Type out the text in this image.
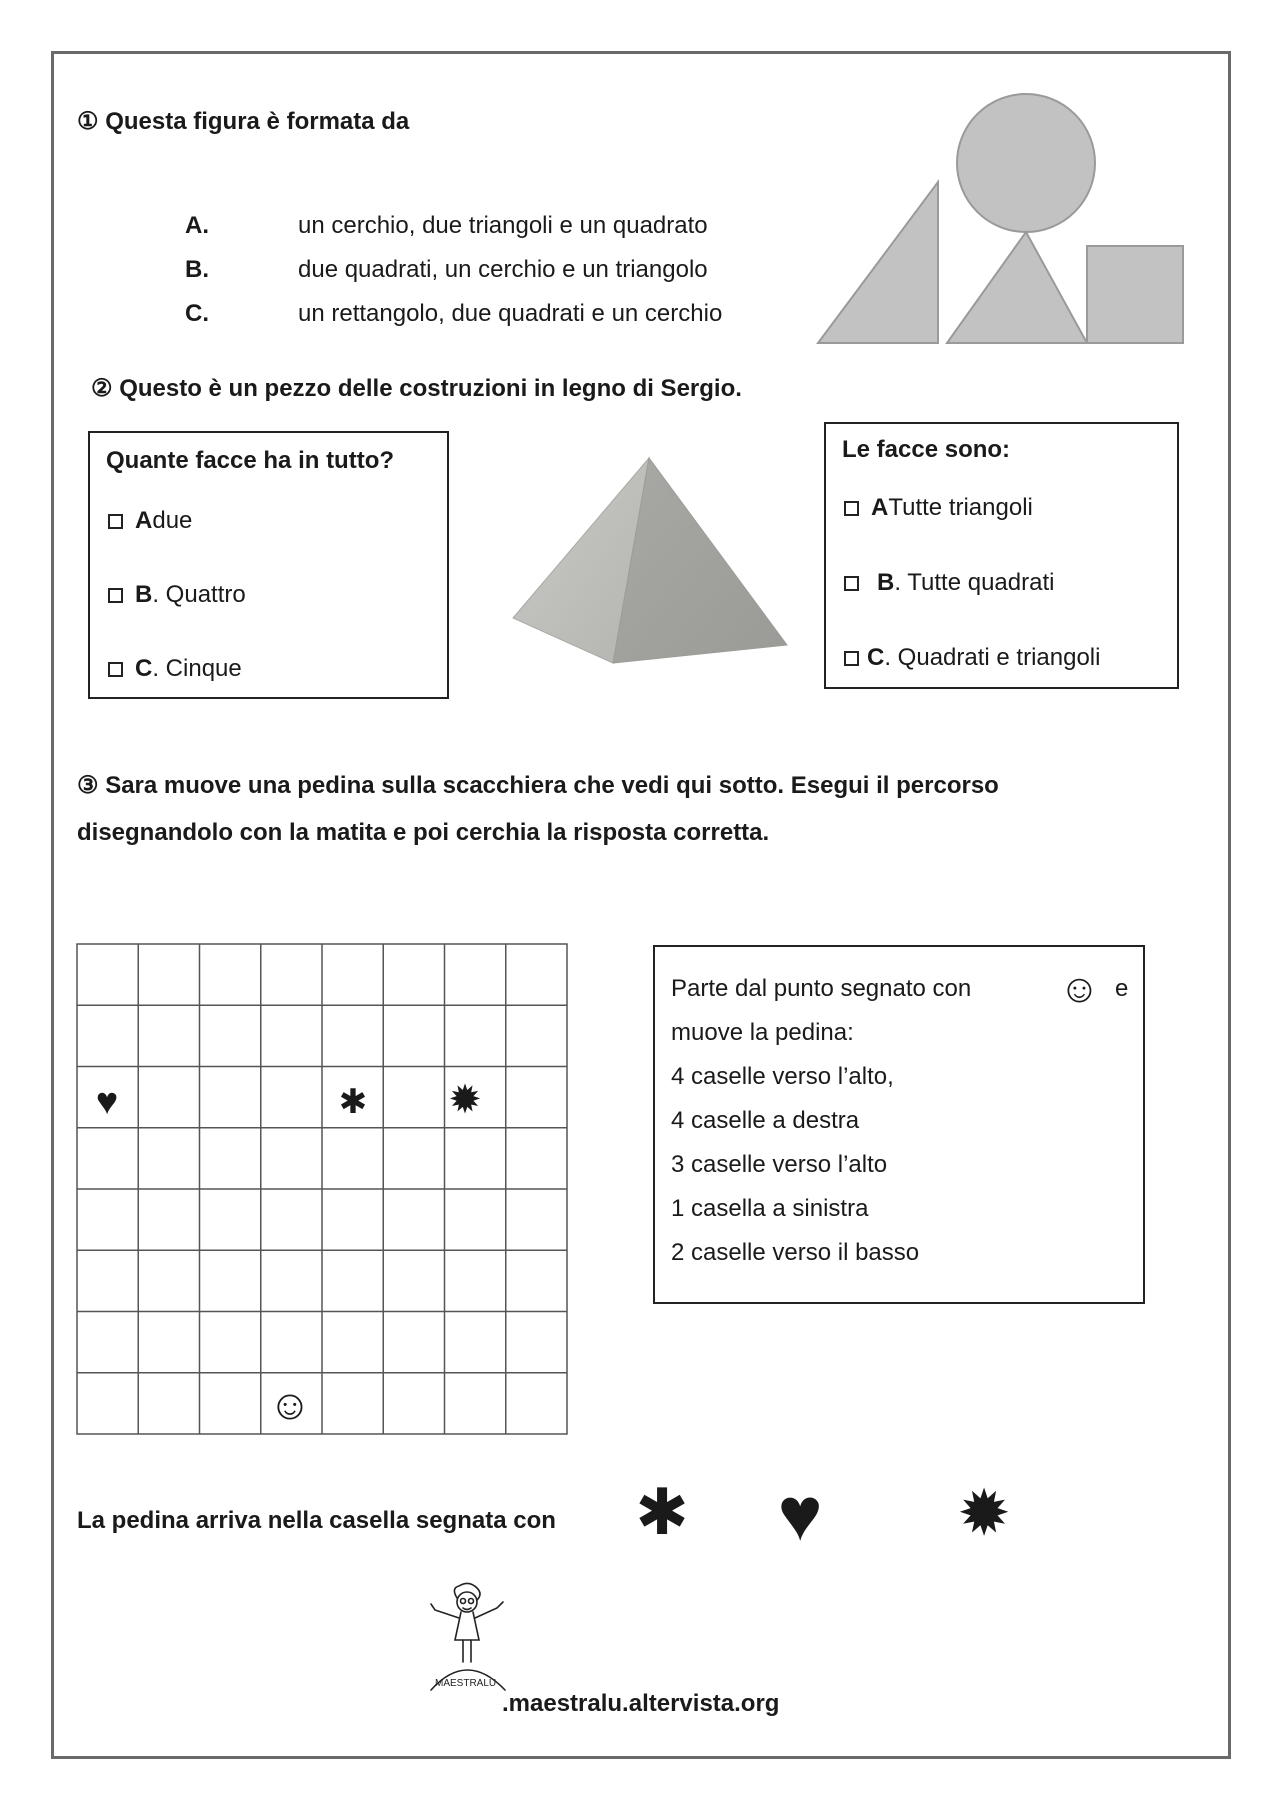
① Questa figura è formata da
A.	un cerchio, due triangoli e un quadrato
B.	due quadrati, un cerchio e un triangolo
C.	un rettangolo, due quadrati e un cerchio
② Questo è un pezzo delle costruzioni in legno di Sergio.
Quante facce ha in tutto?
A due
B . Quattro
C . Cinque
Le facce sono:
A Tutte triangoli
B . Tutte quadrati
C . Quadrati e triangoli
③ Sara muove una pedina sulla scacchiera che vedi qui sotto. Esegui il percorso
disegnandolo con la matita e poi cerchia la risposta corretta.
♥	✱ ✹
☺
Parte dal punto segnato con ☺ e
muove la pedina:
4 caselle verso l’alto,
4 caselle a destra
3 caselle verso l’alto
1 casella a sinistra
2 caselle verso il basso
La pedina arriva nella casella segnata con ✱ ♥ ✹
MAESTRALU
.maestralu.altervista.org
